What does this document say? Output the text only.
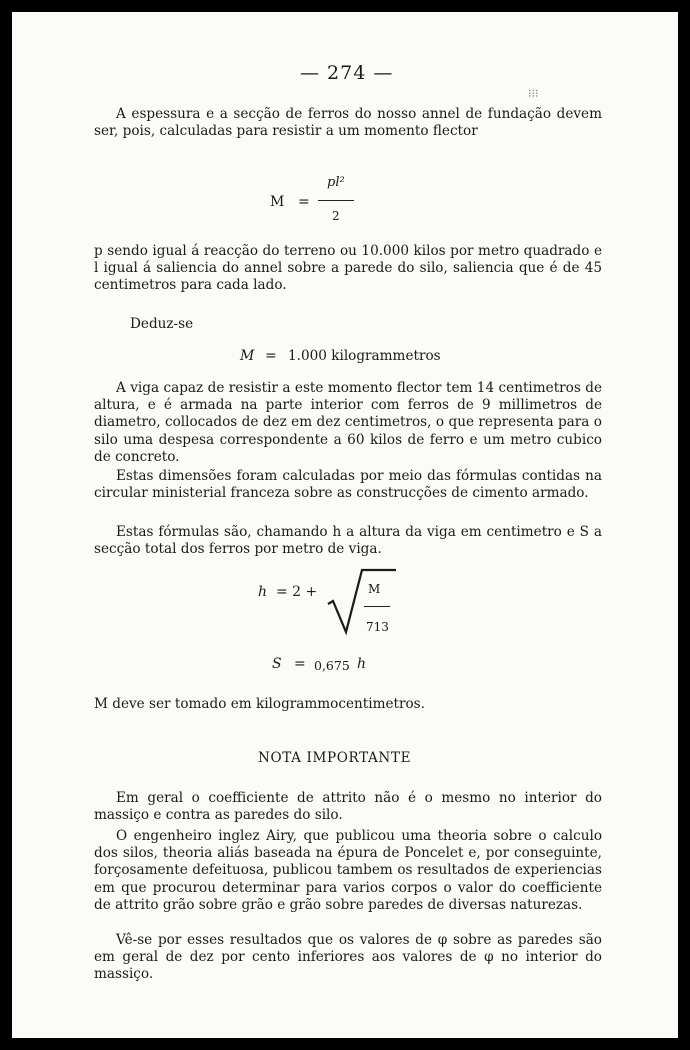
— 274 —
⁝⁝⁝

A espessura e a secção de ferros do nosso annel de fundação devem ser, pois, calculadas para resistir a um momento flector

M =
pl²
2

p sendo igual á reacção do terreno ou 10.000 kilos por metro quadrado e l igual á saliencia do annel sobre a parede do silo, saliencia que é de 45 centimetros para cada lado.

Deduz-se
M = 1.000 kilogrammetros

A viga capaz de resistir a este momento flector tem 14 centimetros de altura, e é armada na parte interior com ferros de 9 millimetros de diametro, collocados de dez em dez centimetros, o que representa para o silo uma despesa correspondente a 60 kilos de ferro e um metro cubico de concreto.

Estas dimensões foram calculadas por meio das fórmulas contidas na circular ministerial franceza sobre as construcções de cimento armado.

Estas fórmulas são, chamando h a altura da viga em centimetro e S a secção total dos ferros por metro de viga.

h = 2 +	M
713
S = 0,675 h

M deve ser tomado em kilogrammocentimetros.

NOTA IMPORTANTE

Em geral o coefficiente de attrito não é o mesmo no interior do massiço e contra as paredes do silo.

O engenheiro inglez Airy, que publicou uma theoria sobre o calculo dos silos, theoria aliás baseada na épura de Poncelet e, por conseguinte, forçosamente defeituosa, publicou tambem os resultados de experiencias em que procurou determinar para varios corpos o valor do coefficiente de attrito grão sobre grão e grão sobre paredes de diversas naturezas.

Vê-se por esses resultados que os valores de φ sobre as paredes são em geral de dez por cento inferiores aos valores de φ no interior do massiço.
